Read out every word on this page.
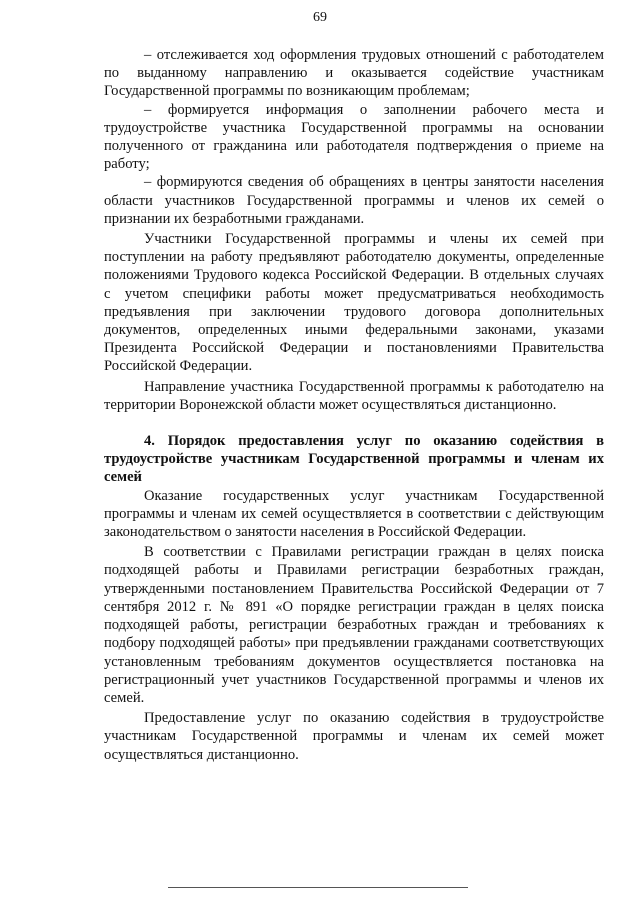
69

– отслеживается ход оформления трудовых отношений с работодателем по выданному направлению и оказывается содействие участникам Государственной программы по возникающим проблемам;

– формируется информация о заполнении рабочего места и трудоустройстве участника Государственной программы на основании полученного от гражданина или работодателя подтверждения о приеме на работу;

– формируются сведения об обращениях в центры занятости населения области участников Государственной программы и членов их семей о признании их безработными гражданами.

Участники Государственной программы и члены их семей при поступлении на работу предъявляют работодателю документы, определенные положениями Трудового кодекса Российской Федерации. В отдельных случаях с учетом специфики работы может предусматриваться необходимость предъявления при заключении трудового договора дополнительных документов, определенных иными федеральными законами, указами Президента Российской Федерации и постановлениями Правительства Российской Федерации.

Направление участника Государственной программы к работодателю на территории Воронежской области может осуществляться дистанционно.

4. Порядок предоставления услуг по оказанию содействия в трудоустройстве участникам Государственной программы и членам их семей

Оказание государственных услуг участникам Государственной программы и членам их семей осуществляется в соответствии с действующим законодательством о занятости населения в Российской Федерации.

В соответствии с Правилами регистрации граждан в целях поиска подходящей работы и Правилами регистрации безработных граждан, утвержденными постановлением Правительства Российской Федерации от 7 сентября 2012 г. № 891 «О порядке регистрации граждан в целях поиска подходящей работы, регистрации безработных граждан и требованиях к подбору подходящей работы» при предъявлении гражданами соответствующих установленным требованиям документов осуществляется постановка на регистрационный учет участников Государственной программы и членов их семей.

Предоставление услуг по оказанию содействия в трудоустройстве участникам Государственной программы и членам их семей может осуществляться дистанционно.
